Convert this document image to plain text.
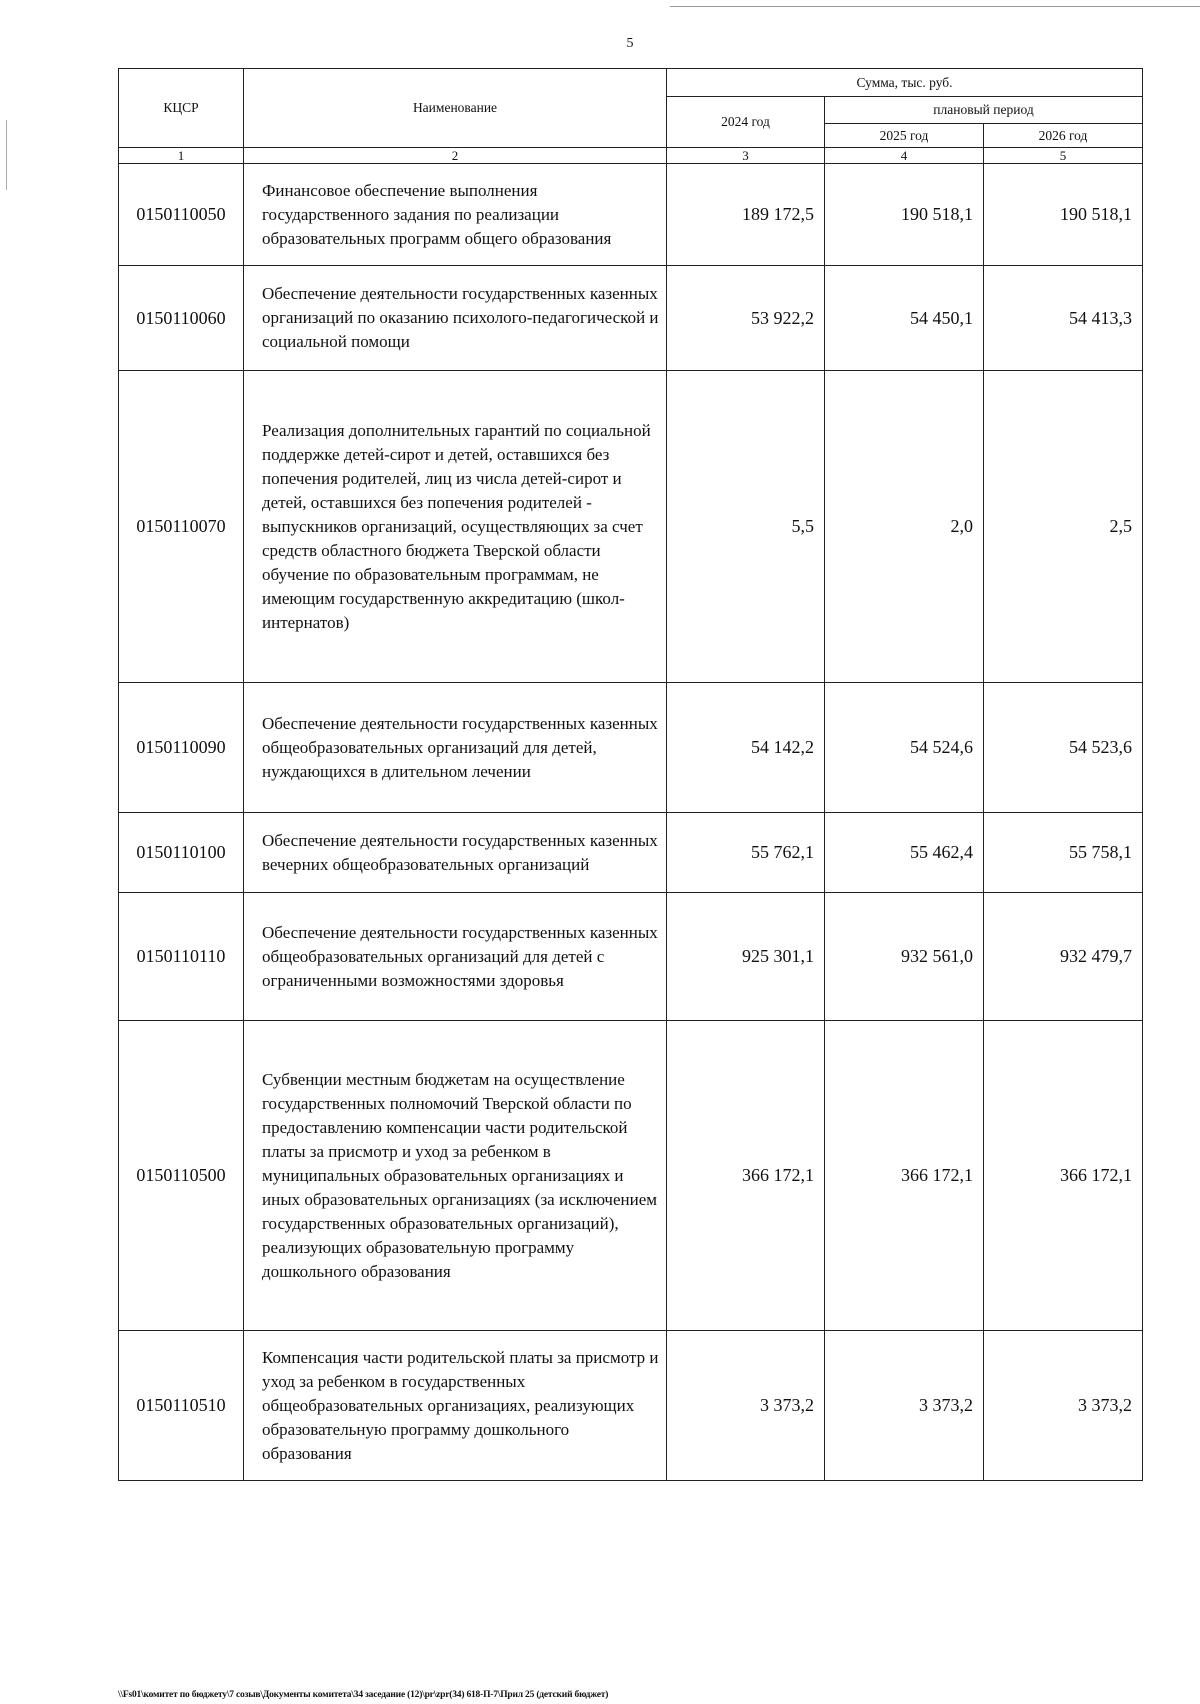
5
КЦСР	Наименование	Сумма, тыс. руб.		
		2024 год	плановый период	
			2025 год	2026 год
1	2	3	4	5
0150110050	Финансовое обеспечение выполнения государственного задания по реализации образовательных программ общего образования	189 172,5	190 518,1	190 518,1
0150110060	Обеспечение деятельности государственных казенных организаций по оказанию психолого-педагогической и социальной помощи	53 922,2	54 450,1	54 413,3
0150110070	Реализация дополнительных гарантий по социальной поддержке детей-сирот и детей, оставшихся без попечения родителей, лиц из числа детей-сирот и детей, оставшихся без попечения родителей - выпускников организаций, осуществляющих за счет средств областного бюджета Тверской области обучение по образовательным программам, не имеющим государственную аккредитацию (школ-интернатов)	5,5	2,0	2,5
0150110090	Обеспечение деятельности государственных казенных общеобразовательных организаций для детей, нуждающихся в длительном лечении	54 142,2	54 524,6	54 523,6
0150110100	Обеспечение деятельности государственных казенных вечерних общеобразовательных организаций	55 762,1	55 462,4	55 758,1
0150110110	Обеспечение деятельности государственных казенных общеобразовательных организаций для детей с ограниченными возможностями здоровья	925 301,1	932 561,0	932 479,7
0150110500	Субвенции местным бюджетам на осуществление государственных полномочий Тверской области по предоставлению компенсации части родительской платы за присмотр и уход за ребенком в муниципальных образовательных организациях и иных образовательных организациях (за исключением государственных образовательных организаций), реализующих образовательную программу дошкольного образования	366 172,1	366 172,1	366 172,1
0150110510	Компенсация части родительской платы за присмотр и уход за ребенком в государственных общеобразовательных организациях, реализующих образовательную программу дошкольного образования	3 373,2	3 373,2	3 373,2
\\Fs01\комитет по бюджету\7 созыв\Документы комитета\34 заседание (12)\pr\zpr(34) 618-П-7\Прил 25 (детский бюджет)
